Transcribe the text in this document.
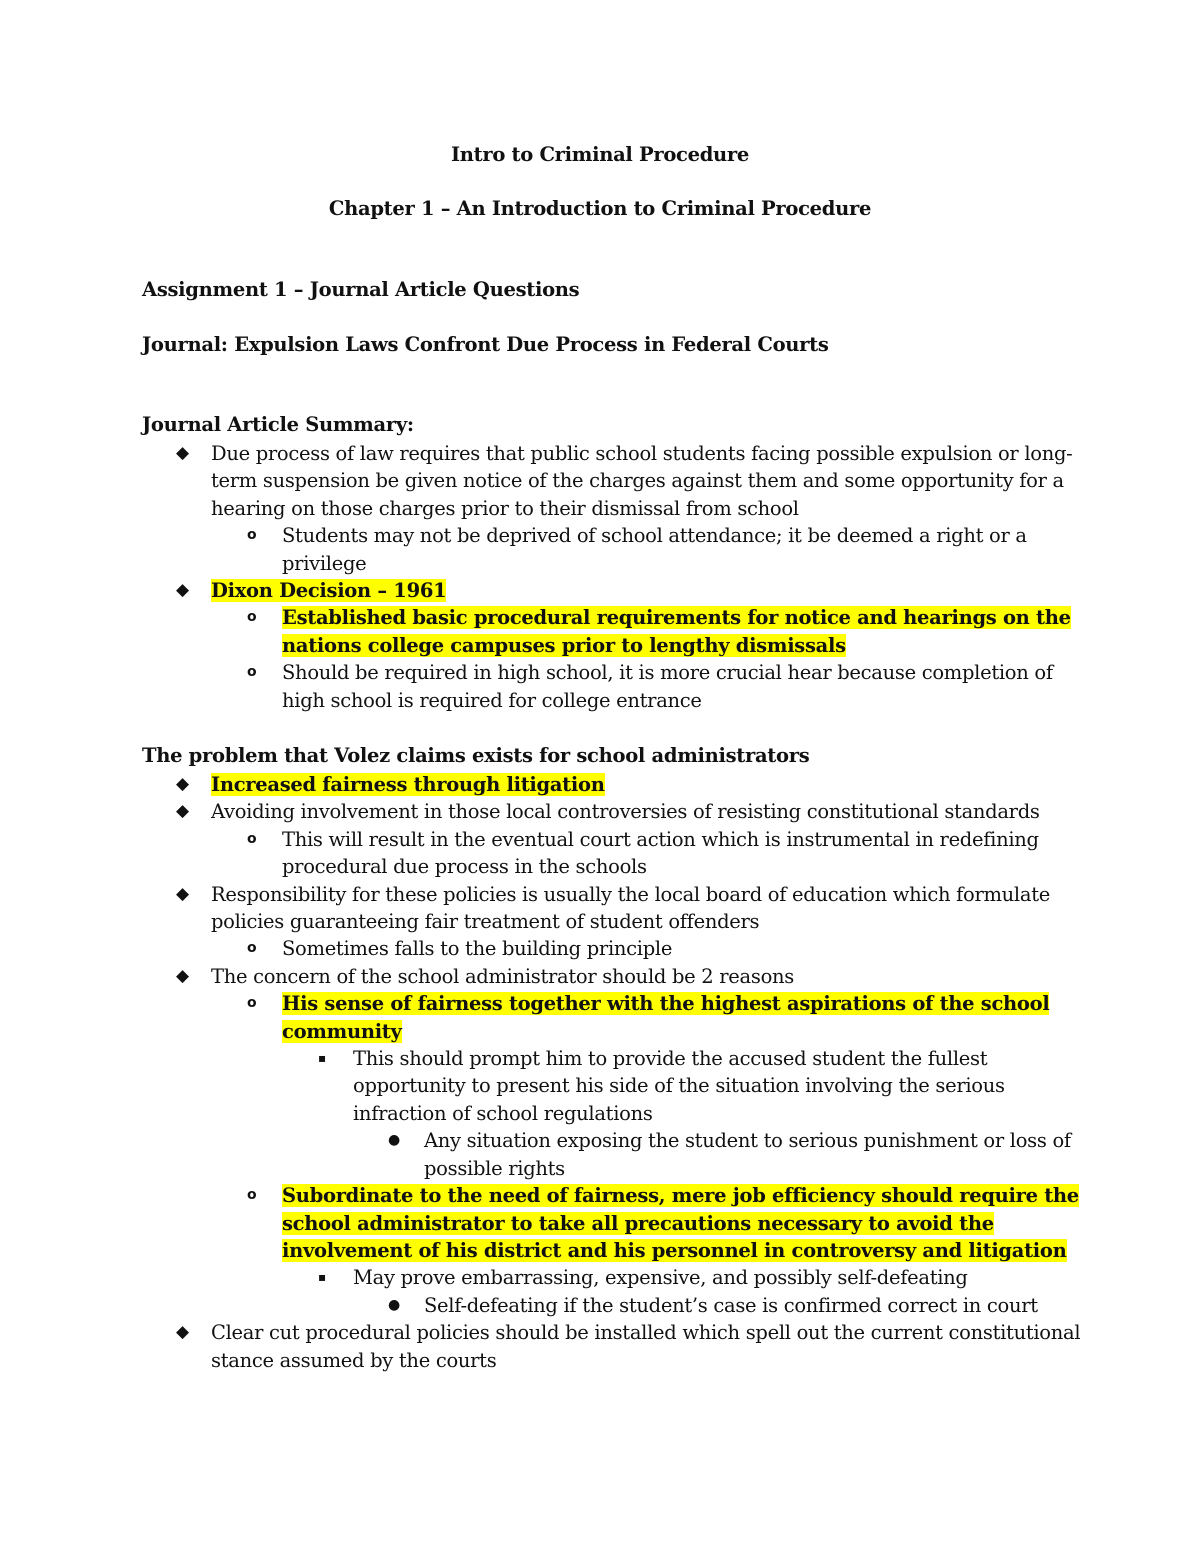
Intro to Criminal Procedure
Chapter 1 – An Introduction to Criminal Procedure
Assignment 1 – Journal Article Questions
Journal: Expulsion Laws Confront Due Process in Federal Courts
Journal Article Summary:
◆ Due process of law requires that public school students facing possible expulsion or long-term suspension be given notice of the charges against them and some opportunity for a hearing on those charges prior to their dismissal from school
o Students may not be deprived of school attendance; it be deemed a right or a privilege
◆ Dixon Decision – 1961
o Established basic procedural requirements for notice and hearings on the nations college campuses prior to lengthy dismissals
o Should be required in high school, it is more crucial hear because completion of high school is required for college entrance
The problem that Volez claims exists for school administrators
◆ Increased fairness through litigation
◆ Avoiding involvement in those local controversies of resisting constitutional standards
o This will result in the eventual court action which is instrumental in redefining procedural due process in the schools
◆ Responsibility for these policies is usually the local board of education which formulate policies guaranteeing fair treatment of student offenders
o Sometimes falls to the building principle
◆ The concern of the school administrator should be 2 reasons
o His sense of fairness together with the highest aspirations of the school community
▪ This should prompt him to provide the accused student the fullest opportunity to present his side of the situation involving the serious infraction of school regulations
● Any situation exposing the student to serious punishment or loss of possible rights
o Subordinate to the need of fairness, mere job efficiency should require the school administrator to take all precautions necessary to avoid the involvement of his district and his personnel in controversy and litigation
▪ May prove embarrassing, expensive, and possibly self-defeating
● Self-defeating if the student’s case is confirmed correct in court
◆ Clear cut procedural policies should be installed which spell out the current constitutional stance assumed by the courts
